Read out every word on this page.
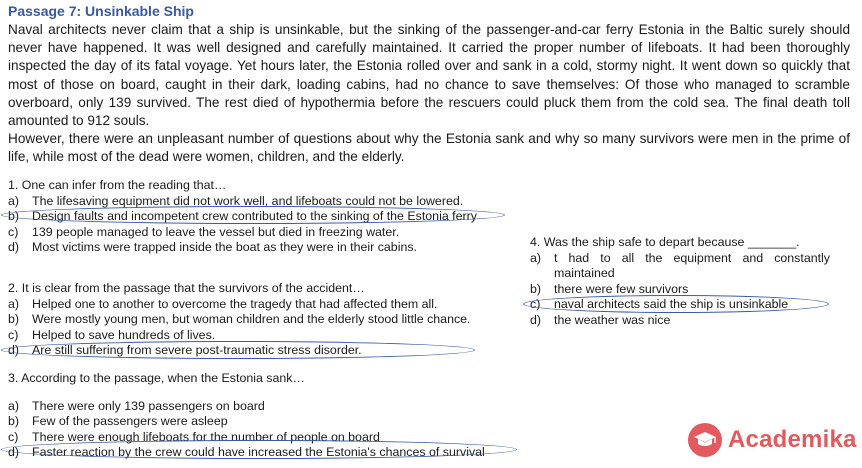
Passage 7: Unsinkable Ship

Naval architects never claim that a ship is unsinkable, but the sinking of the passenger-and-car ferry Estonia in the Baltic surely should never have happened. It was well designed and carefully maintained. It carried the proper number of lifeboats. It had been thoroughly inspected the day of its fatal voyage. Yet hours later, the Estonia rolled over and sank in a cold, stormy night. It went down so quickly that most of those on board, caught in their dark, loading cabins, had no chance to save themselves: Of those who managed to scramble overboard, only 139 survived. The rest died of hypothermia before the rescuers could pluck them from the cold sea. The final death toll amounted to 912 souls.

However, there were an unpleasant number of questions about why the Estonia sank and why so many survivors were men in the prime of life, while most of the dead were women, children, and the elderly.

1. One can infer from the reading that…
a)	The lifesaving equipment did not work well, and lifeboats could not be lowered.
b)	Design faults and incompetent crew contributed to the sinking of the Estonia ferry
c)	139 people managed to leave the vessel but died in freezing water.
d)	Most victims were trapped inside the boat as they were in their cabins.
2. It is clear from the passage that the survivors of the accident…
a)	Helped one to another to overcome the tragedy that had affected them all.
b)	Were mostly young men, but woman children and the elderly stood little chance.
c)	Helped to save hundreds of lives.
d)	Are still suffering from severe post-traumatic stress disorder.
3. According to the passage, when the Estonia sank…
a)	There were only 139 passengers on board
b)	Few of the passengers were asleep
c)	There were enough lifeboats for the number of people on board
d)	Faster reaction by the crew could have increased the Estonia's chances of survival
4. Was the ship safe to depart because _______.
a)	t had to all the equipment and constantly maintained
b)	there were few survivors
c)	naval architects said the ship is unsinkable
d)	the weather was nice
Academika
